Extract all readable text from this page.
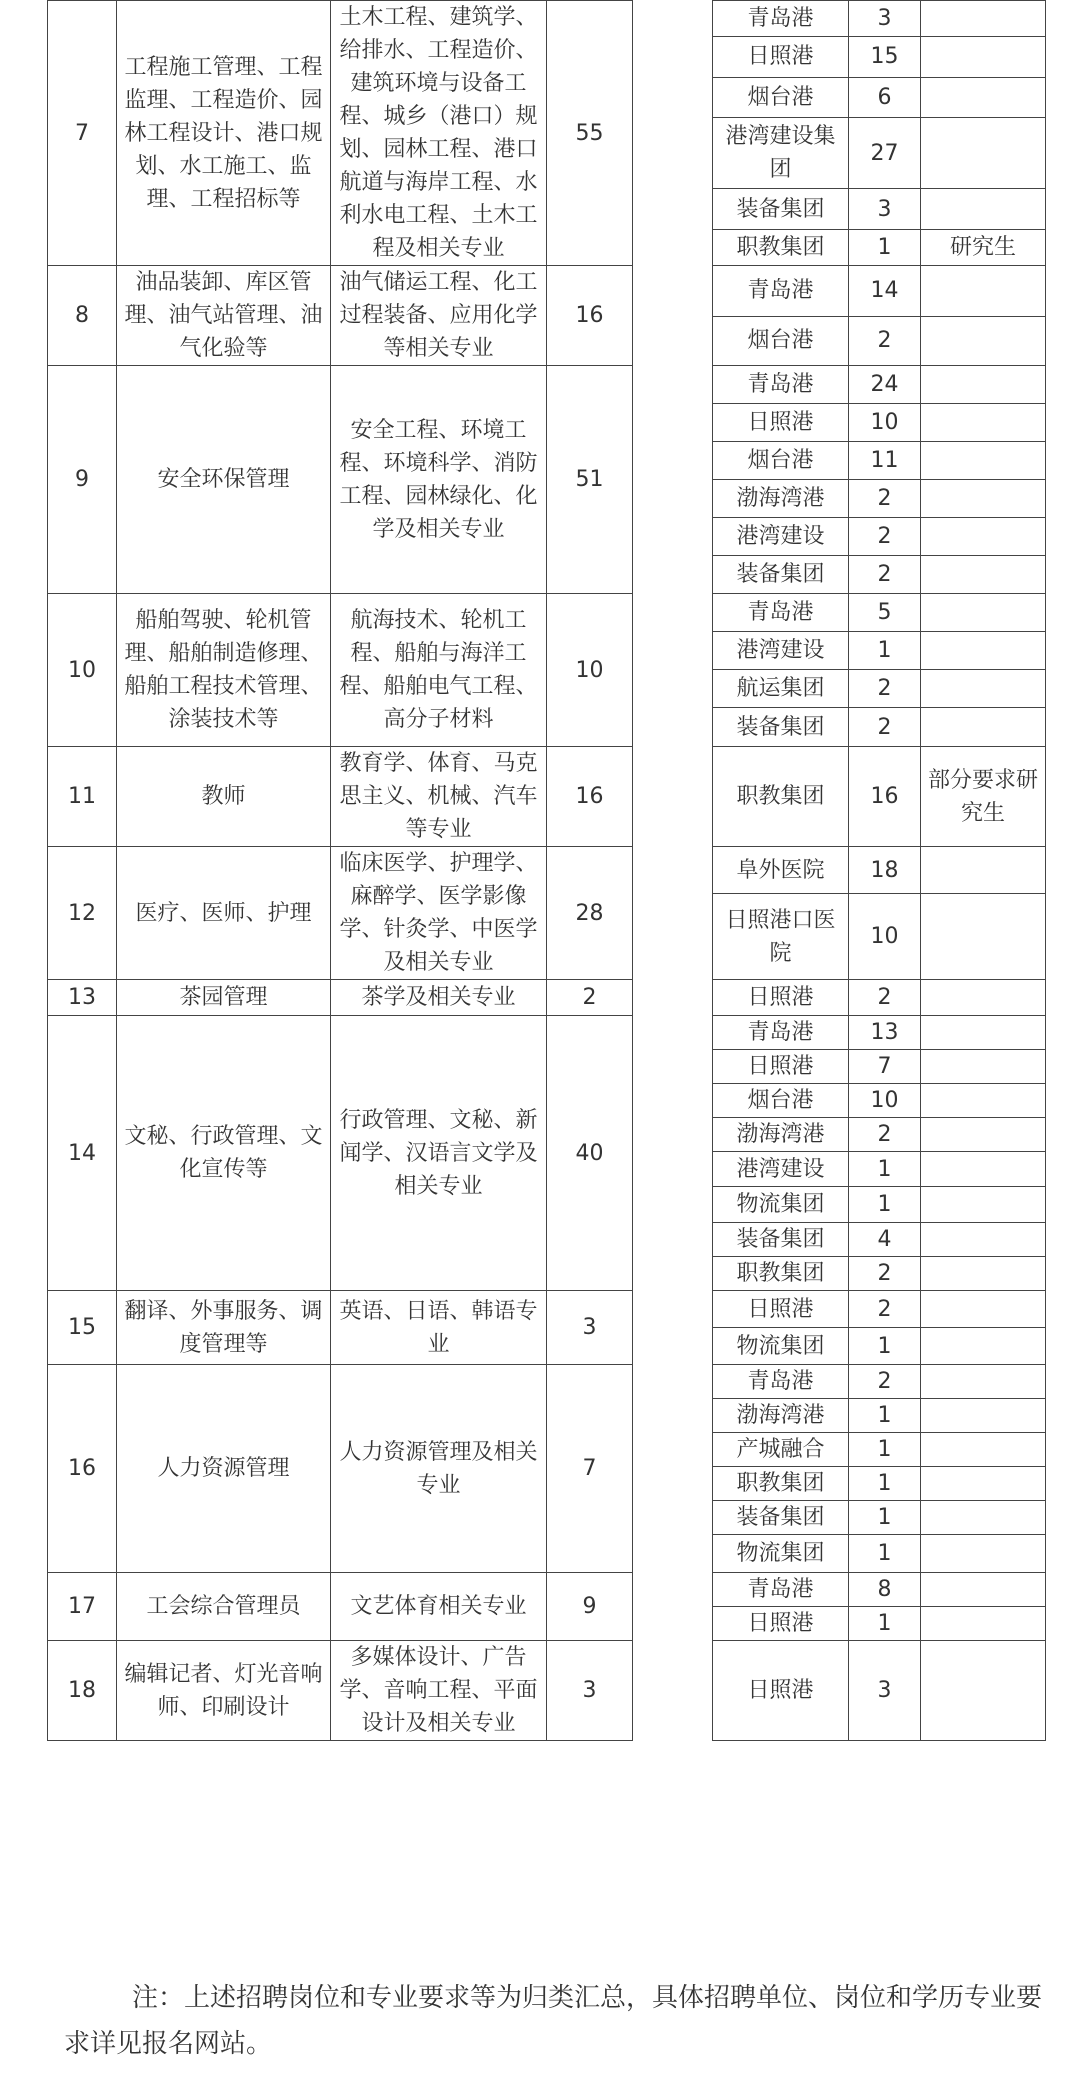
7	工程施工管理、工程监理、工程造价、园林工程设计、港口规划、水工施工、监理、工程招标等	土木工程、建筑学、给排水、工程造价、建筑环境与设备工程、城乡（港口）规划、园林工程、港口航道与海岸工程、水利水电工程、土木工程及相关专业	55		青岛港	3	
					日照港	15	
					烟台港	6	
					港湾建设集团	27	
					装备集团	3	
					职教集团	1	研究生
8	油品装卸、库区管理、油气站管理、油气化验等	油气储运工程、化工过程装备、应用化学等相关专业	16		青岛港	14	
					烟台港	2	
9	安全环保管理	安全工程、环境工程、环境科学、消防工程、园林绿化、化学及相关专业	51		青岛港	24	
					日照港	10	
					烟台港	11	
					渤海湾港	2	
					港湾建设	2	
					装备集团	2	
10	船舶驾驶、轮机管理、船舶制造修理、船舶工程技术管理、涂装技术等	航海技术、轮机工程、船舶与海洋工程、船舶电气工程、高分子材料	10		青岛港	5	
					港湾建设	1	
					航运集团	2	
					装备集团	2	
11	教师	教育学、体育、马克思主义、机械、汽车等专业	16		职教集团	16	部分要求研究生
12	医疗、医师、护理	临床医学、护理学、麻醉学、医学影像学、针灸学、中医学及相关专业	28		阜外医院	18	
					日照港口医院	10	
13	茶园管理	茶学及相关专业	2		日照港	2	
14	文秘、行政管理、文化宣传等	行政管理、文秘、新闻学、汉语言文学及相关专业	40		青岛港	13	
					日照港	7	
					烟台港	10	
					渤海湾港	2	
					港湾建设	1	
					物流集团	1	
					装备集团	4	
					职教集团	2	
15	翻译、外事服务、调度管理等	英语、日语、韩语专业	3		日照港	2	
					物流集团	1	
16	人力资源管理	人力资源管理及相关专业	7		青岛港	2	
					渤海湾港	1	
					产城融合	1	
					职教集团	1	
					装备集团	1	
					物流集团	1	
17	工会综合管理员	文艺体育相关专业	9		青岛港	8	
					日照港	1	
18	编辑记者、灯光音响师、印刷设计	多媒体设计、广告学、音响工程、平面设计及相关专业	3		日照港	3	

注：上述招聘岗位和专业要求等为归类汇总，具体招聘单位、岗位和学历专业要求详见报名网站。
